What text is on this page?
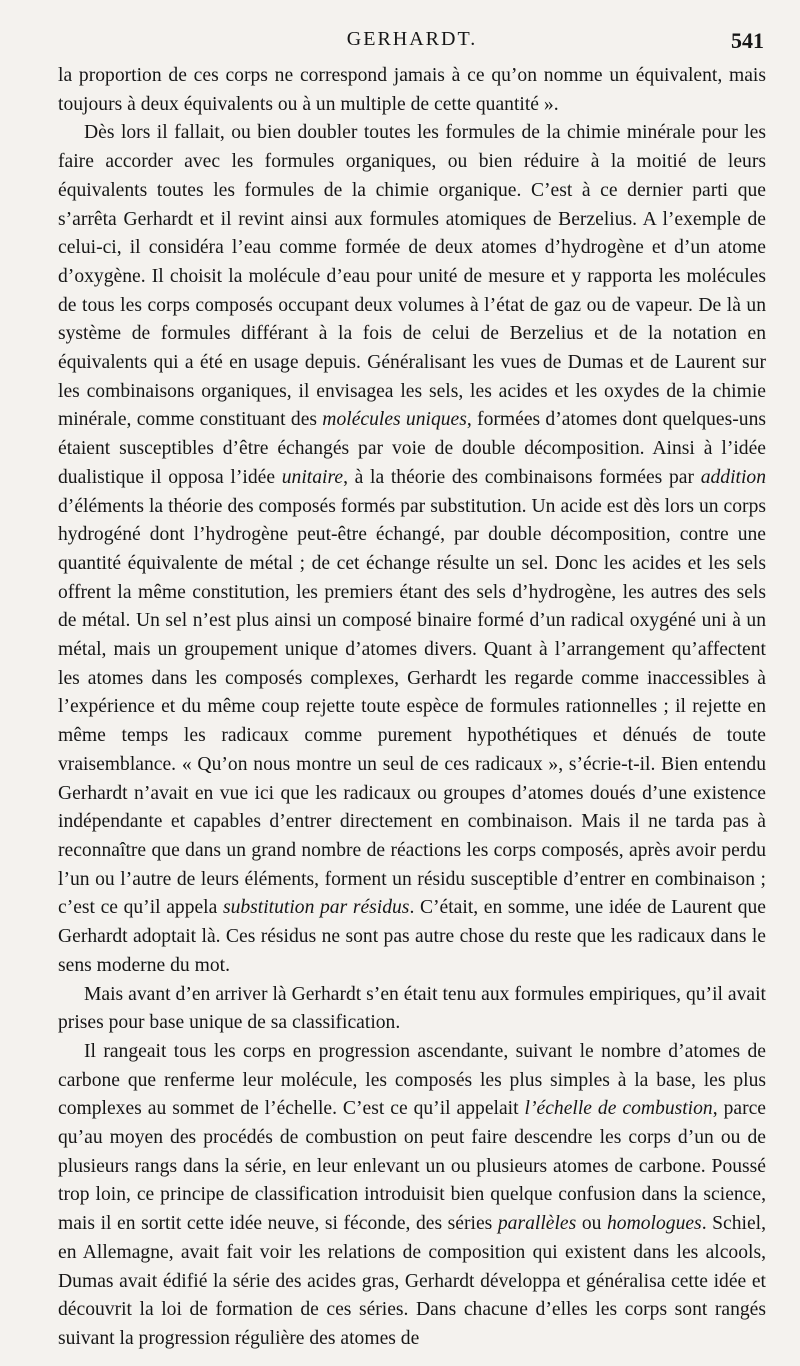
GERHARDT.	541

la proportion de ces corps ne correspond jamais à ce qu’on nomme un équivalent, mais toujours à deux équivalents ou à un multiple de cette quantité ».

Dès lors il fallait, ou bien doubler toutes les formules de la chimie minérale pour les faire accorder avec les formules organiques, ou bien réduire à la moitié de leurs équivalents toutes les formules de la chimie organique. C’est à ce dernier parti que s’arrêta Gerhardt et il revint ainsi aux formules atomiques de Berzelius. A l’exemple de celui-ci, il considéra l’eau comme formée de deux atomes d’hydrogène et d’un atome d’oxygène. Il choisit la molécule d’eau pour unité de mesure et y rapporta les molécules de tous les corps composés occupant deux volumes à l’état de gaz ou de vapeur. De là un système de formules différant à la fois de celui de Berzelius et de la notation en équivalents qui a été en usage depuis. Généralisant les vues de Dumas et de Laurent sur les combinaisons organiques, il envisagea les sels, les acides et les oxydes de la chimie minérale, comme constituant des molécules uniques, formées d’atomes dont quelques-uns étaient susceptibles d’être échangés par voie de double décomposition. Ainsi à l’idée dualistique il opposa l’idée unitaire, à la théorie des combinaisons formées par addition d’éléments la théorie des composés formés par substitution. Un acide est dès lors un corps hydrogéné dont l’hydrogène peut-être échangé, par double décomposition, contre une quantité équivalente de métal ; de cet échange résulte un sel. Donc les acides et les sels offrent la même constitution, les premiers étant des sels d’hydrogène, les autres des sels de métal. Un sel n’est plus ainsi un composé binaire formé d’un radical oxygéné uni à un métal, mais un groupement unique d’atomes divers. Quant à l’arrangement qu’affectent les atomes dans les composés complexes, Gerhardt les regarde comme inaccessibles à l’expérience et du même coup rejette toute espèce de formules rationnelles ; il rejette en même temps les radicaux comme purement hypothétiques et dénués de toute vraisemblance. « Qu’on nous montre un seul de ces radicaux », s’écrie-t-il. Bien entendu Gerhardt n’avait en vue ici que les radicaux ou groupes d’atomes doués d’une existence indépendante et capables d’entrer directement en combinaison. Mais il ne tarda pas à reconnaître que dans un grand nombre de réactions les corps composés, après avoir perdu l’un ou l’autre de leurs éléments, forment un résidu susceptible d’entrer en combinaison ; c’est ce qu’il appela substitution par résidus. C’était, en somme, une idée de Laurent que Gerhardt adoptait là. Ces résidus ne sont pas autre chose du reste que les radicaux dans le sens moderne du mot.

Mais avant d’en arriver là Gerhardt s’en était tenu aux formules empiriques, qu’il avait prises pour base unique de sa classification.

Il rangeait tous les corps en progression ascendante, suivant le nombre d’atomes de carbone que renferme leur molécule, les composés les plus simples à la base, les plus complexes au sommet de l’échelle. C’est ce qu’il appelait l’échelle de combustion, parce qu’au moyen des procédés de combustion on peut faire descendre les corps d’un ou de plusieurs rangs dans la série, en leur enlevant un ou plusieurs atomes de carbone. Poussé trop loin, ce principe de classification introduisit bien quelque confusion dans la science, mais il en sortit cette idée neuve, si féconde, des séries parallèles ou homologues. Schiel, en Allemagne, avait fait voir les relations de composition qui existent dans les alcools, Dumas avait édifié la série des acides gras, Gerhardt développa et généralisa cette idée et découvrit la loi de formation de ces séries. Dans chacune d’elles les corps sont rangés suivant la progression régulière des atomes de
